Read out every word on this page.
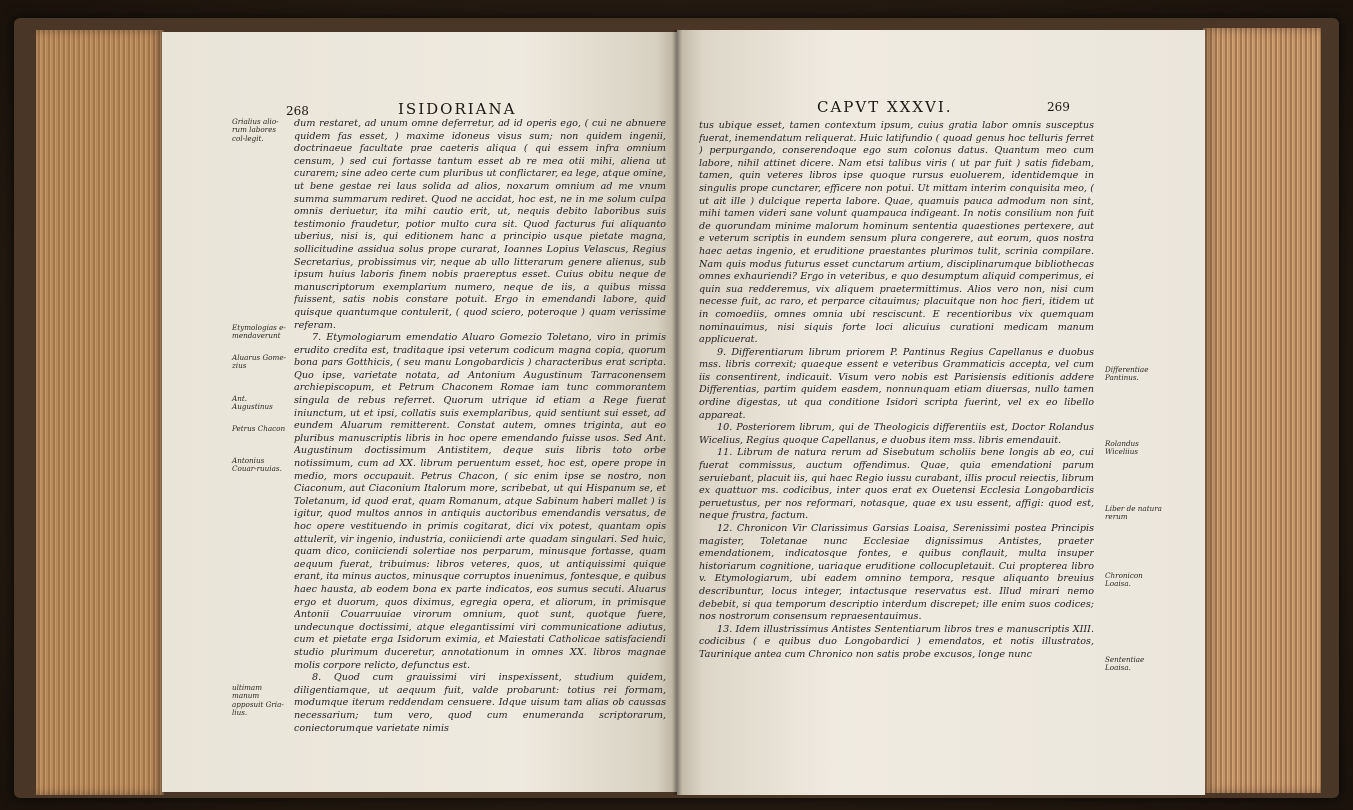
268	ISIDORIANA
Grialius alio-rum labores col-legit.
Etymologias e-mendaverunt
Aluarus Gome-zius
Ant. Augustinus
Petrus Chacon
Antonius Couar-ruuias.
ultimam manum apposuit Gria-lius.

dum restaret, ad unum omne deferretur, ad id operis ego, ( cui ne abnuere quidem fas esset, ) maxime idoneus visus sum; non quidem ingenii, doctrinaeue facultate prae caeteris aliqua ( qui essem infra omnium censum, ) sed cui fortasse tantum esset ab re mea otii mihi, aliena ut curarem; sine adeo certe cum pluribus ut conflictarer, ea lege, atque omine, ut bene gestae rei laus solida ad alios, noxarum omnium ad me vnum summa summarum rediret. Quod ne accidat, hoc est, ne in me solum culpa omnis deriuetur, ita mihi cautio erit, ut, nequis debito laboribus suis testimonio fraudetur, potior multo cura sit. Quod facturus fui aliquanto uberius, nisi is, qui editionem hanc a principio usque pietate magna, sollicitudine assidua solus prope curarat, Ioannes Lopius Velascus, Regius Secretarius, probissimus vir, neque ab ullo litterarum genere alienus, sub ipsum huius laboris finem nobis praereptus esset. Cuius obitu neque de manuscriptorum exemplarium numero, neque de iis, a quibus missa fuissent, satis nobis constare potuit. Ergo in emendandi labore, quid quisque quantumque contulerit, ( quod sciero, poteroque ) quam verissime referam.

7. Etymologiarum emendatio Aluaro Gomezio Toletano, viro in primis erudito credita est, traditaque ipsi veterum codicum magna copia, quorum bona pars Gotthicis, ( seu manu Longobardicis ) characteribus erat scripta. Quo ipse, varietate notata, ad Antonium Augustinum Tarraconensem archiepiscopum, et Petrum Chaconem Romae iam tunc commorantem singula de rebus referret. Quorum utrique id etiam a Rege fuerat iniunctum, ut et ipsi, collatis suis exemplaribus, quid sentiunt sui esset, ad eundem Aluarum remitterent. Constat autem, omnes triginta, aut eo pluribus manuscriptis libris in hoc opere emendando fuisse usos. Sed Ant. Augustinum doctissimum Antistitem, deque suis libris toto orbe notissimum, cum ad XX. librum peruentum esset, hoc est, opere prope in medio, mors occupauit. Petrus Chacon, ( sic enim ipse se nostro, non Ciaconum, aut Ciaconium Italorum more, scribebat, ut qui Hispanum se, et Toletanum, id quod erat, quam Romanum, atque Sabinum haberi mallet ) is igitur, quod multos annos in antiquis auctoribus emendandis versatus, de hoc opere vestituendo in primis cogitarat, dici vix potest, quantam opis attulerit, vir ingenio, industria, coniiciendi arte quadam singulari. Sed huic, quam dico, coniiciendi solertiae nos perparum, minusque fortasse, quam aequum fuerat, tribuimus: libros veteres, quos, ut antiquissimi quique erant, ita minus auctos, minusque corruptos inuenimus, fontesque, e quibus haec hausta, ab eodem bona ex parte indicatos, eos sumus secuti. Aluarus ergo et duorum, quos diximus, egregia opera, et aliorum, in primisque Antonii Couarruuiae virorum omnium, quot sunt, quotque fuere, undecunque doctissimi, atque elegantissimi viri communicatione adiutus, cum et pietate erga Isidorum eximia, et Maiestati Catholicae satisfaciendi studio plurimum duceretur, annotationum in omnes XX. libros magnae molis corpore relicto, defunctus est.

8. Quod cum grauissimi viri inspexissent, studium quidem, diligentiamque, ut aequum fuit, valde probarunt: totius rei formam, modumque iterum reddendam censuere. Idque uisum tam alias ob caussas necessarium; tum vero, quod cum enumeranda scriptorarum, coniectorumque varietate nimis

CAPVT XXXVI.	269

tus ubique esset, tamen contextum ipsum, cuius gratia labor omnis susceptus fuerat, inemendatum reliquerat. Huic latifundio ( quoad genus hoc telluris ferret ) perpurgando, conserendoque ego sum colonus datus. Quantum meo cum labore, nihil attinet dicere. Nam etsi talibus viris ( ut par fuit ) satis fidebam, tamen, quin veteres libros ipse quoque rursus euoluerem, identidemque in singulis prope cunctarer, efficere non potui. Ut mittam interim conquisita meo, ( ut ait ille ) dulcique reperta labore. Quae, quamuis pauca admodum non sint, mihi tamen videri sane volunt quampauca indigeant. In notis consilium non fuit de quorundam minime malorum hominum sententia quaestiones pertexere, aut e veterum scriptis in eundem sensum plura congerere, aut eorum, quos nostra haec aetas ingenio, et eruditione praestantes plurimos tulit, scrinia compilare. Nam quis modus futurus esset cunctarum artium, disciplinarumque bibliothecas omnes exhauriendi? Ergo in veteribus, e quo desumptum aliquid comperimus, ei quin sua redderemus, vix aliquem praetermittimus. Alios vero non, nisi cum necesse fuit, ac raro, et perparce citauimus; placuitque non hoc fieri, itidem ut in comoediis, omnes omnia ubi resciscunt. E recentioribus vix quemquam nominauimus, nisi siquis forte loci alicuius curationi medicam manum applicuerat.

9. Differentiarum librum priorem P. Pantinus Regius Capellanus e duobus mss. libris correxit; quaeque essent e veteribus Grammaticis accepta, vel cum iis consentirent, indicauit. Visum vero nobis est Parisiensis editionis addere Differentias, partim quidem easdem, nonnunquam etiam diuersas, nullo tamen ordine digestas, ut qua conditione Isidori scripta fuerint, vel ex eo libello appareat.

10. Posteriorem librum, qui de Theologicis differentiis est, Doctor Rolandus Wicelius, Regius quoque Capellanus, e duobus item mss. libris emendauit.

11. Librum de natura rerum ad Sisebutum scholiis bene longis ab eo, cui fuerat commissus, auctum offendimus. Quae, quia emendationi parum seruiebant, placuit iis, qui haec Regio iussu curabant, illis procul reiectis, librum ex quattuor ms. codicibus, inter quos erat ex Ouetensi Ecclesia Longobardicis peruetustus, per nos reformari, notasque, quae ex usu essent, affigi: quod est, neque frustra, factum.

12. Chronicon Vir Clarissimus Garsias Loaisa, Serenissimi postea Principis magister, Toletanae nunc Ecclesiae dignissimus Antistes, praeter emendationem, indicatosque fontes, e quibus conflauit, multa insuper historiarum cognitione, uariaque eruditione collocupletauit. Cui propterea libro v. Etymologiarum, ubi eadem omnino tempora, resque aliquanto breuius describuntur, locus integer, intactusque reservatus est. Illud mirari nemo debebit, si qua temporum descriptio interdum discrepet; ille enim suos codices; nos nostrorum consensum repraesentauimus.

13. Idem illustrissimus Antistes Sententiarum libros tres e manuscriptis XIII. codicibus ( e quibus duo Longobardici ) emendatos, et notis illustratos, Taurinique antea cum Chronico non satis probe excusos, longe nunc

Differentiae Pantinus.
Rolandus Wiceliius
Liber de natura rerum
Chronicon Loaisa.
Sententiae Loaisa.
